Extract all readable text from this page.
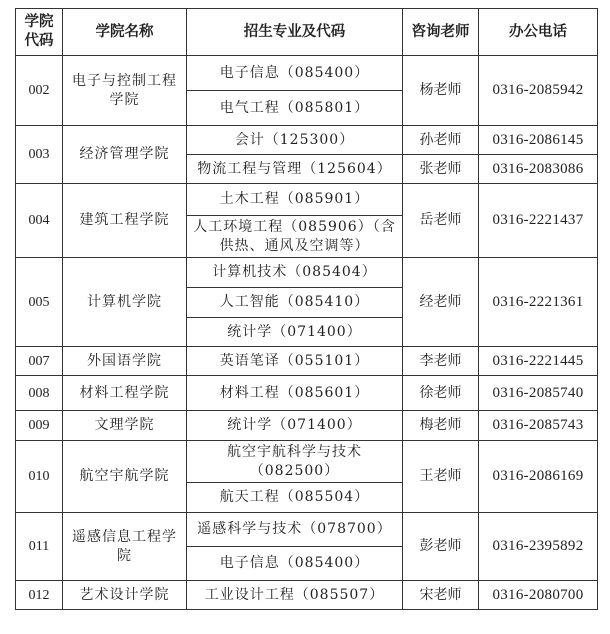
学院
代码	学院名称	招生专业及代码	咨询老师	办公电话
002	电子与控制工程学院	电子信息（085400）	杨老师	0316-2085942
		电气工程（085801）		
003	经济管理学院	会计（125300）	孙老师	0316-2086145
		物流工程与管理（125604）	张老师	0316-2083086
004	建筑工程学院	土木工程（085901）	岳老师	0316-2221437
		人工环境工程（085906）（含供热、通风及空调等）		
005	计算机学院	计算机技术（085404）	经老师	0316-2221361
		人工智能（085410）		
		统计学（071400）		
007	外国语学院	英语笔译（055101）	李老师	0316-2221445
008	材料工程学院	材料工程（085601）	徐老师	0316-2085740
009	文理学院	统计学（071400）	梅老师	0316-2085743
010	航空宇航学院	航空宇航科学与技术（082500）	王老师	0316-2086169
		航天工程（085504）		
011	遥感信息工程学院	遥感科学与技术（078700）	彭老师	0316-2395892
		电子信息（085400）		
012	艺术设计学院	工业设计工程（085507）	宋老师	0316-2080700
